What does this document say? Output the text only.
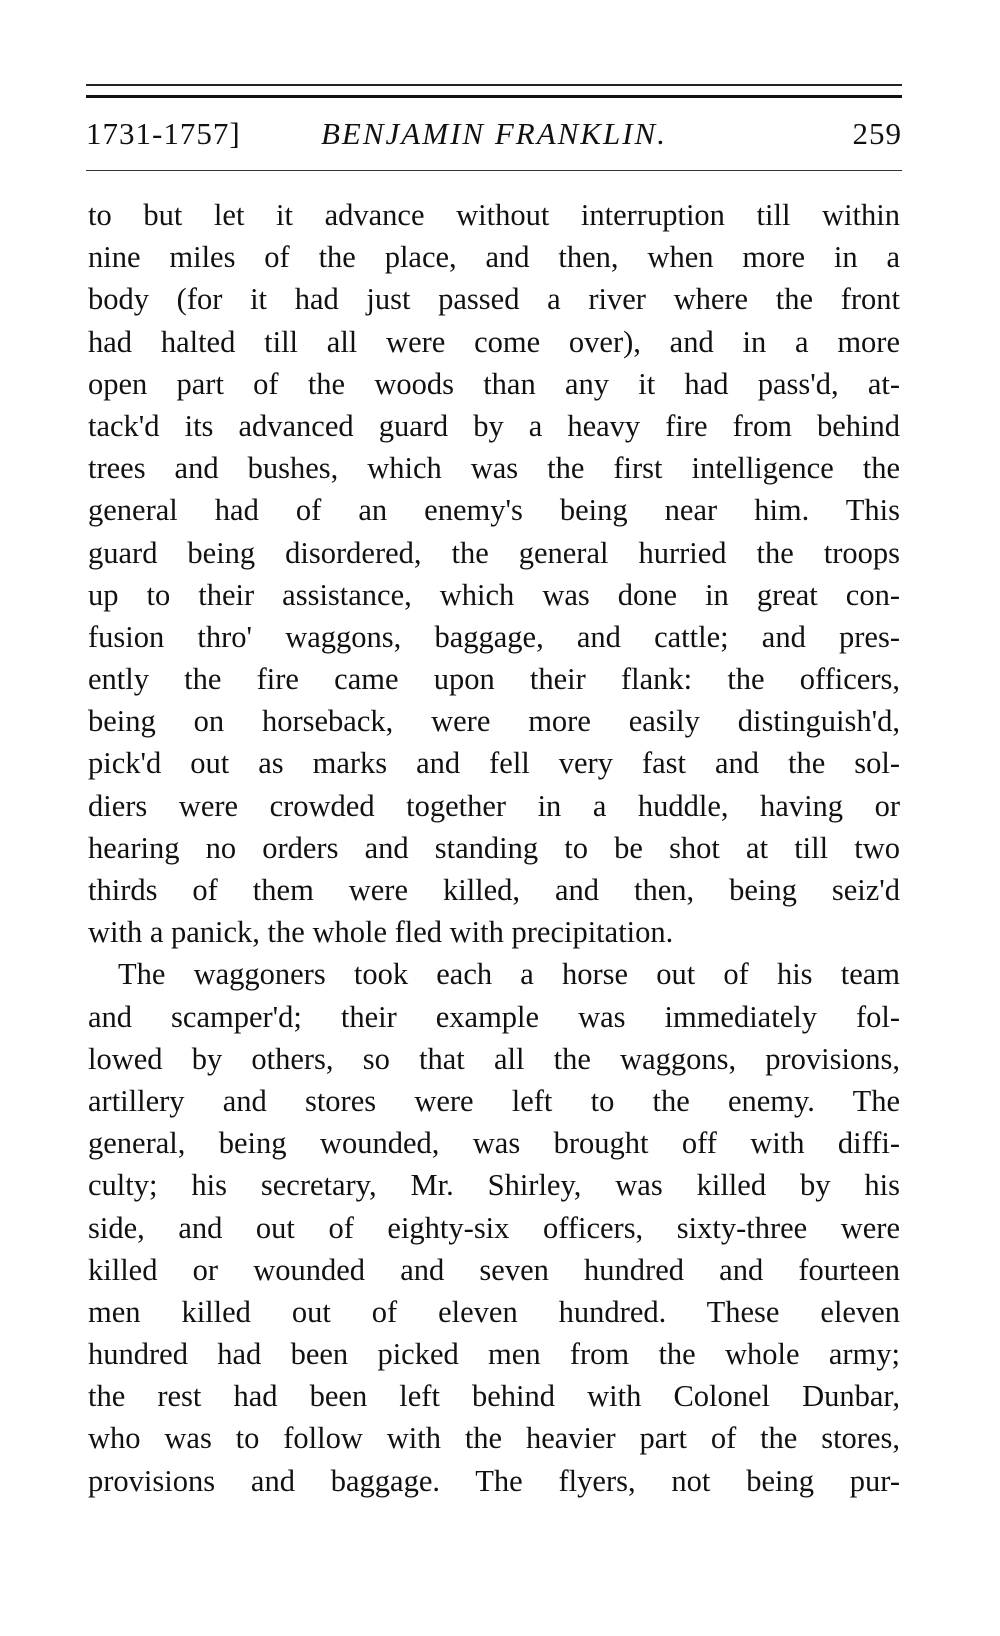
1731-1757]	BENJAMIN FRANKLIN.	259
to but let it advance without interruption till within
nine miles of the place, and then, when more in a
body (for it had just passed a river where the front
had halted till all were come over), and in a more
open part of the woods than any it had pass'd, at-
tack'd its advanced guard by a heavy fire from behind
trees and bushes, which was the first intelligence the
general had of an enemy's being near him. This
guard being disordered, the general hurried the troops
up to their assistance, which was done in great con-
fusion thro' waggons, baggage, and cattle; and pres-
ently the fire came upon their flank: the officers,
being on horseback, were more easily distinguish'd,
pick'd out as marks and fell very fast and the sol-
diers were crowded together in a huddle, having or
hearing no orders and standing to be shot at till two
thirds of them were killed, and then, being seiz'd
with a panick, the whole fled with precipitation.
The waggoners took each a horse out of his team
and scamper'd; their example was immediately fol-
lowed by others, so that all the waggons, provisions,
artillery and stores were left to the enemy. The
general, being wounded, was brought off with diffi-
culty; his secretary, Mr. Shirley, was killed by his
side, and out of eighty-six officers, sixty-three were
killed or wounded and seven hundred and fourteen
men killed out of eleven hundred. These eleven
hundred had been picked men from the whole army;
the rest had been left behind with Colonel Dunbar,
who was to follow with the heavier part of the stores,
provisions and baggage. The flyers, not being pur-
